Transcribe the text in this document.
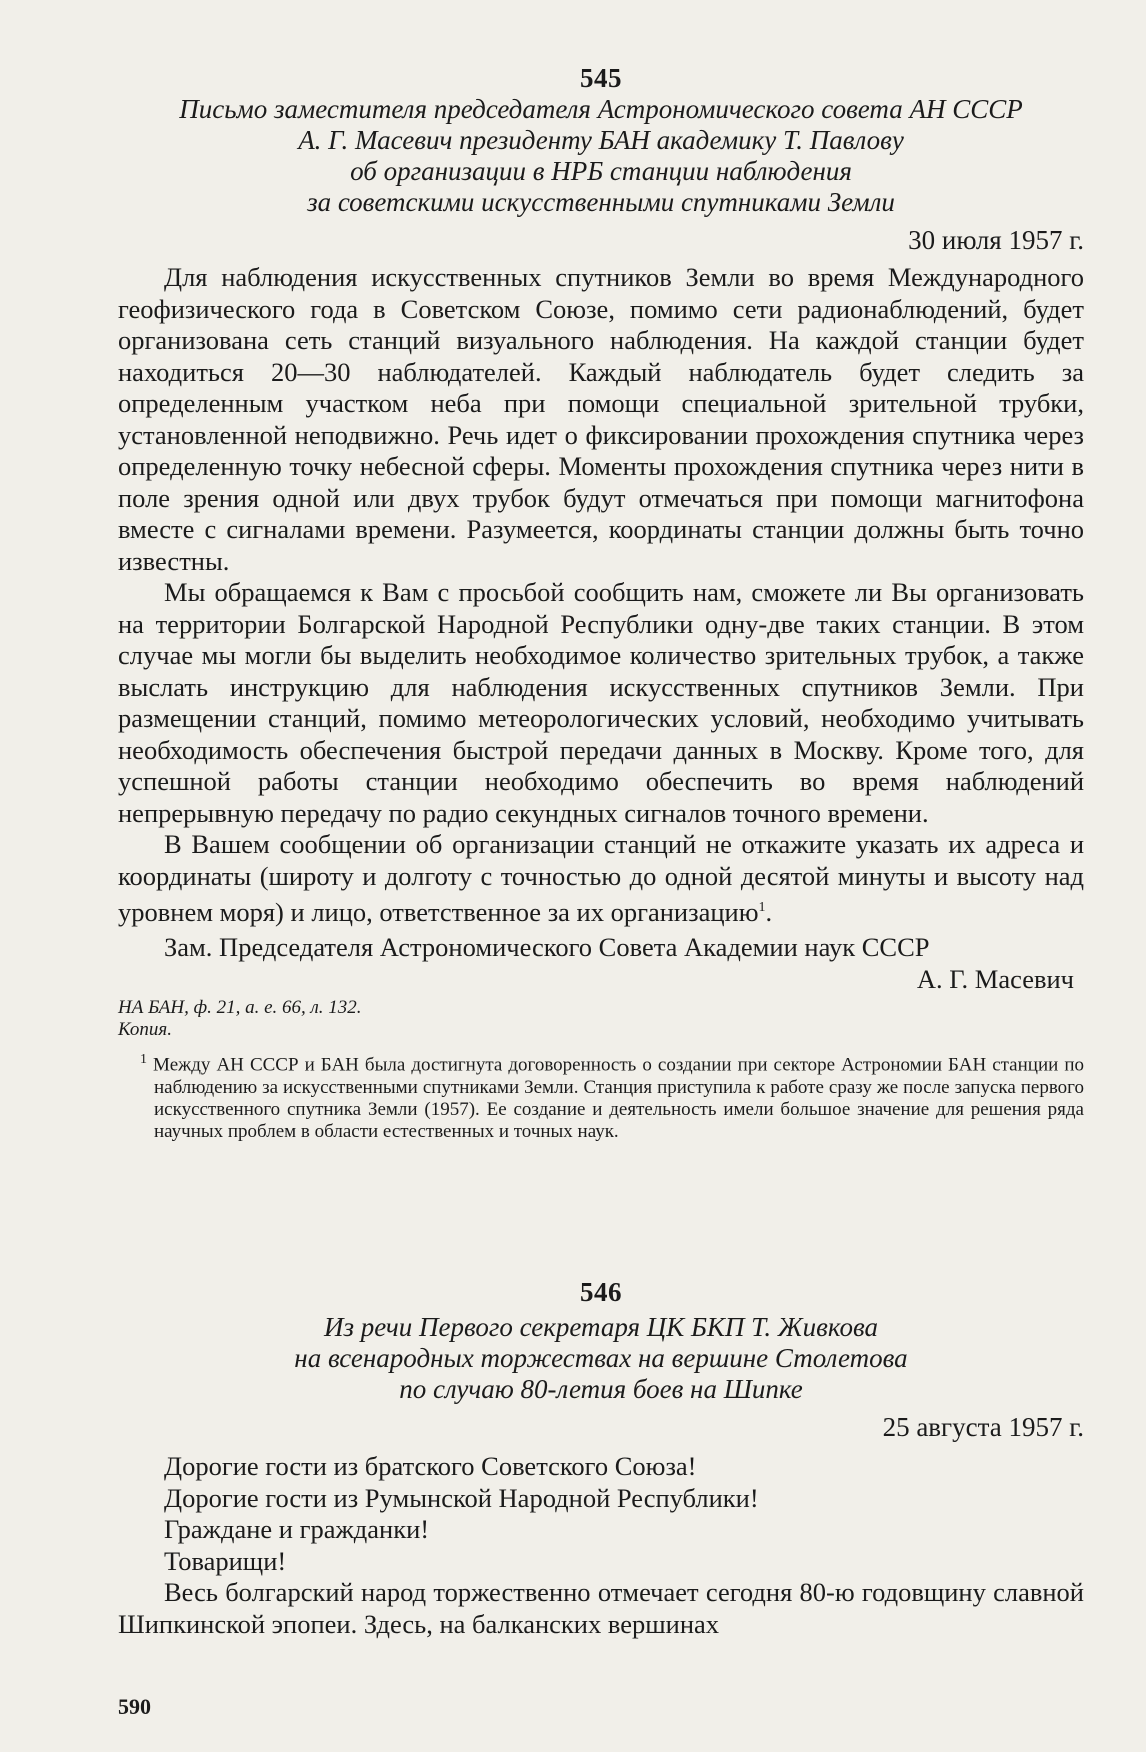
545

Письмо заместителя председателя Астрономического совета АН СССР

А. Г. Масевич президенту БАН академику Т. Павлову

об организации в НРБ станции наблюдения

за советскими искусственными спутниками Земли

30 июля 1957 г.

Для наблюдения искусственных спутников Земли во время Международного геофизического года в Советском Союзе, помимо сети радионаблюдений, будет организована сеть станций визуального наблюдения. На каждой станции будет находиться 20—30 наблюдателей. Каждый наблюдатель будет следить за определенным участком неба при помощи специальной зрительной трубки, установленной неподвижно. Речь идет о фиксировании прохождения спутника через определенную точку небесной сферы. Моменты прохождения спутника через нити в поле зрения одной или двух трубок будут отмечаться при помощи магнитофона вместе с сигналами времени. Разумеется, координаты станции должны быть точно известны.

Мы обращаемся к Вам с просьбой сообщить нам, сможете ли Вы организовать на территории Болгарской Народной Республики одну-две таких станции. В этом случае мы могли бы выделить необходимое количество зрительных трубок, а также выслать инструкцию для наблюдения искусственных спутников Земли. При размещении станций, помимо метеорологических условий, необходимо учитывать необходимость обеспечения быстрой передачи данных в Москву. Кроме того, для успешной работы станции необходимо обеспечить во время наблюдений непрерывную передачу по радио секундных сигналов точного времени.

В Вашем сообщении об организации станций не откажите указать их адреса и координаты (широту и долготу с точностью до одной десятой минуты и высоту над уровнем моря) и лицо, ответственное за их организацию$^1$.

Зам. Председателя Астрономического Совета Академии наук СССР
А. Г. Масевич
НА БАН, ф. 21, а. е. 66, л. 132.
Копия.
$^1$ Между АН СССР и БАН была достигнута договоренность о создании при секторе Астрономии БАН станции по наблюдению за искусственными спутниками Земли. Станция приступила к работе сразу же после запуска первого искусственного спутника Земли (1957). Ее создание и деятельность имели большое значение для решения ряда научных проблем в области естественных и точных наук.
546

Из речи Первого секретаря ЦК БКП Т. Живкова

на всенародных торжествах на вершине Столетова

по случаю 80-летия боев на Шипке

25 августа 1957 г.
Дорогие гости из братского Советского Союза!
Дорогие гости из Румынской Народной Республики!
Граждане и гражданки!
Товарищи!

Весь болгарский народ торжественно отмечает сегодня 80-ю годовщину славной Шипкинской эпопеи. Здесь, на балканских вершинах

590
